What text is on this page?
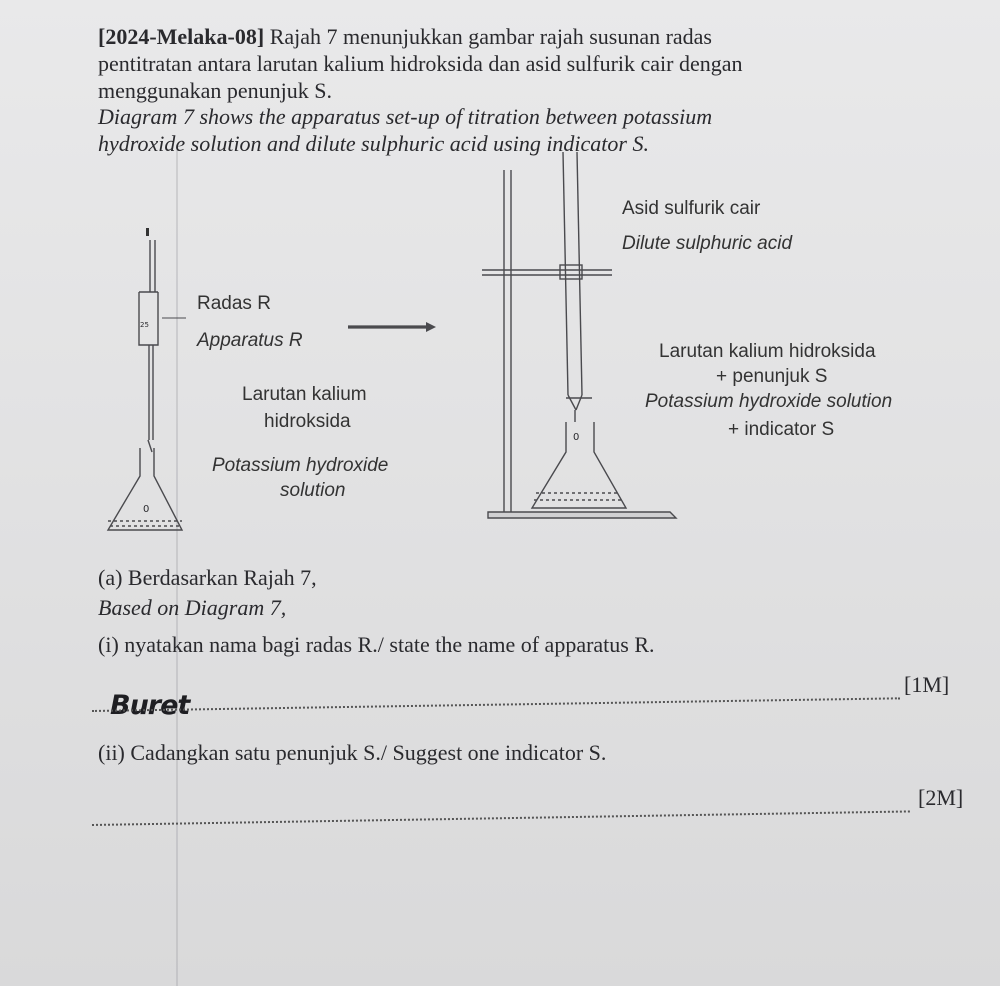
[2024-Melaka-08] Rajah 7 menunjukkan gambar rajah susunan radas
pentitratan antara larutan kalium hidroksida dan asid sulfurik cair dengan
menggunakan penunjuk S.
Diagram 7 shows the apparatus set-up of titration between potassium
hydroxide solution and dilute sulphuric acid using indicator S.
25
Radas R
Apparatus R
Larutan kalium
hidroksida
Potassium hydroxide
solution
0
Asid sulfurik cair
Dilute sulphuric acid
Larutan kalium hidroksida
+ penunjuk S
Potassium hydroxide solution
+ indicator S
0
(a) Berdasarkan Rajah 7,
Based on Diagram 7,
(i) nyatakan nama bagi radas R./ state the name of apparatus R.
Buret
[1M]
(ii) Cadangkan satu penunjuk S./ Suggest one indicator S.
[2M]
